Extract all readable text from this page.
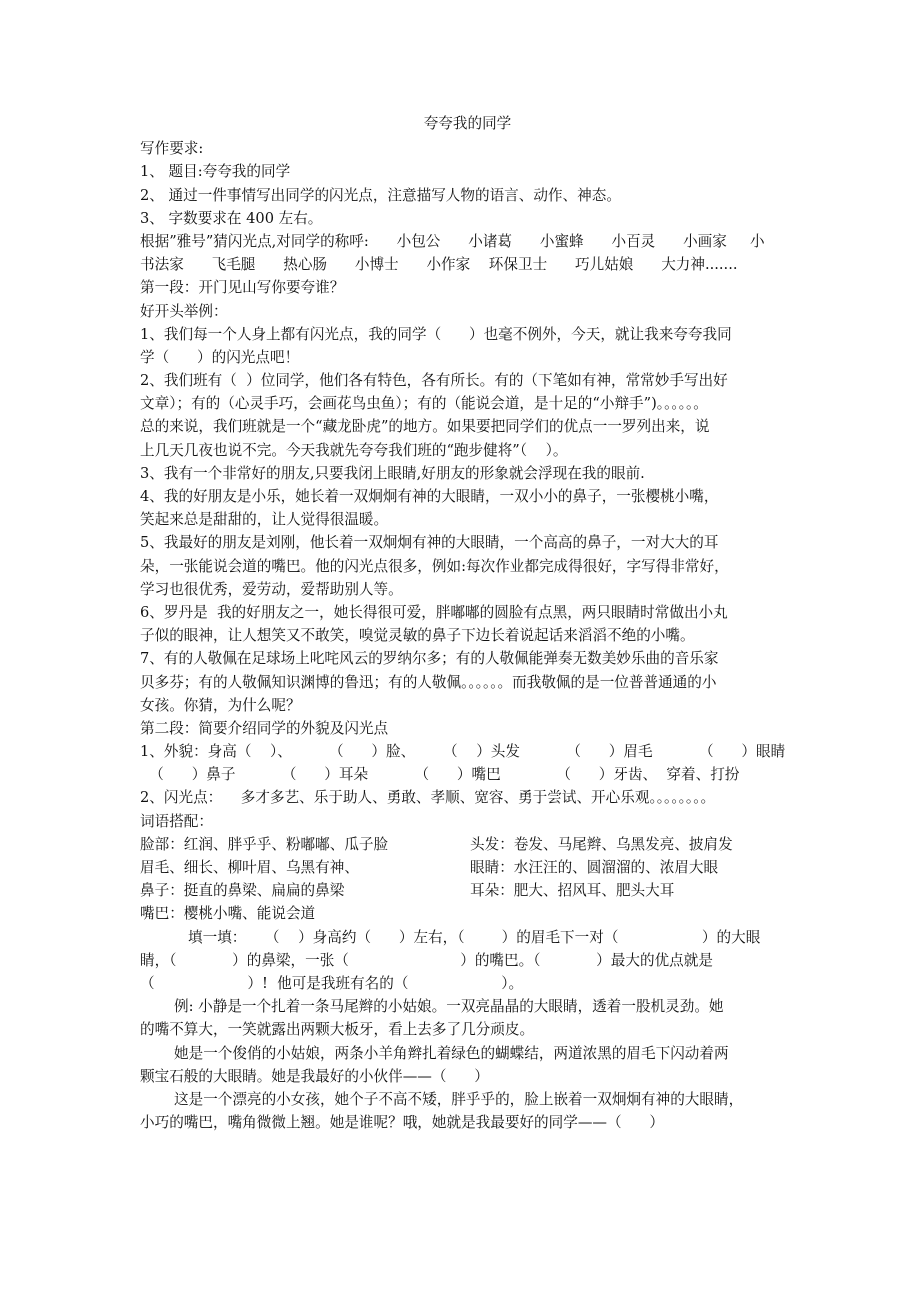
夸夸我的同学
写作要求:
1、 题目:夸夸我的同学
2、 通过一件事情写出同学的闪光点，注意描写人物的语言、动作、神态。
3、 字数要求在 400 左右。
根据”雅号”猜闪光点,对同学的称呼:      小包公      小诸葛      小蜜蜂      小百灵      小画家     小
书法家      飞毛腿      热心肠      小博士      小作家    环保卫士      巧儿姑娘      大力神.......
第一段：开门见山写你要夸谁？
好开头举例：
1、我们每一个人身上都有闪光点，我的同学（      ）也毫不例外，今天，就让我来夸夸我同
学（      ）的闪光点吧！
2、我们班有（  ）位同学，他们各有特色，各有所长。有的（下笔如有神，常常妙手写出好
文章）；有的（心灵手巧，会画花鸟虫鱼）；有的（能说会道，是十足的“小辩手”)。。。。。。
总的来说，我们班就是一个“藏龙卧虎”的地方。如果要把同学们的优点一一罗列出来，说
上几天几夜也说不完。今天我就先夸夸我们班的“跑步健将”（    ）。
3、我有一个非常好的朋友,只要我闭上眼睛,好朋友的形象就会浮现在我的眼前.
4、我的好朋友是小乐，她长着一双炯炯有神的大眼睛，一双小小的鼻子，一张樱桃小嘴，
笑起来总是甜甜的，让人觉得很温暖。
5、我最好的朋友是刘刚，他长着一双炯炯有神的大眼睛，一个高高的鼻子，一对大大的耳
朵，一张能说会道的嘴巴。他的闪光点很多，例如:每次作业都完成得很好，字写得非常好，
学习也很优秀，爱劳动，爱帮助别人等。
6、罗丹是  我的好朋友之一，她长得很可爱，胖嘟嘟的圆脸有点黑，两只眼睛时常做出小丸
子似的眼神，让人想笑又不敢笑，嗅觉灵敏的鼻子下边长着说起话来滔滔不绝的小嘴。
7、有的人敬佩在足球场上叱咤风云的罗纳尔多；有的人敬佩能弹奏无数美妙乐曲的音乐家
贝多芬；有的人敬佩知识渊博的鲁迅；有的人敬佩。。。。。。而我敬佩的是一位普普通通的小
女孩。你猜，为什么呢？
第二段：简要介绍同学的外貌及闪光点
1、外貌：身高（    ）、        （      ）脸、      （    ）头发          （      ）眉毛          （      ）眼睛
（      ）鼻子          （      ）耳朵          （      ）嘴巴            （      ）牙齿、  穿着、打扮
2、闪光点：    多才多艺、乐于助人、勇敢、孝顺、宽容、勇于尝试、开心乐观。。。。。。。。
词语搭配：
脸部：红润、胖乎乎、粉嘟嘟、瓜子脸	头发：卷发、马尾辫、乌黑发亮、披肩发
眉毛、细长、柳叶眉、乌黑有神、	眼睛：水汪汪的、圆溜溜的、浓眉大眼
鼻子：挺直的鼻梁、扁扁的鼻梁	耳朵：肥大、招风耳、肥头大耳
嘴巴：樱桃小嘴、能说会道
填一填：    （    ）身高约（      ）左右，（        ）的眉毛下一对（                  ）的大眼
睛，（            ）的鼻梁，一张（                        ）的嘴巴。（            ）最大的优点就是
（                    ）!  他可是我班有名的（                    ）。
例: 小静是一个扎着一条马尾辫的小姑娘。一双亮晶晶的大眼睛，透着一股机灵劲。她
的嘴不算大，一笑就露出两颗大板牙，看上去多了几分顽皮。
她是一个俊俏的小姑娘，两条小羊角辫扎着绿色的蝴蝶结，两道浓黑的眉毛下闪动着两
颗宝石般的大眼睛。她是我最好的小伙伴——（      ）
这是一个漂亮的小女孩，她个子不高不矮，胖乎乎的，脸上嵌着一双炯炯有神的大眼睛，
小巧的嘴巴，嘴角微微上翘。她是谁呢？哦，她就是我最要好的同学——（      ）
